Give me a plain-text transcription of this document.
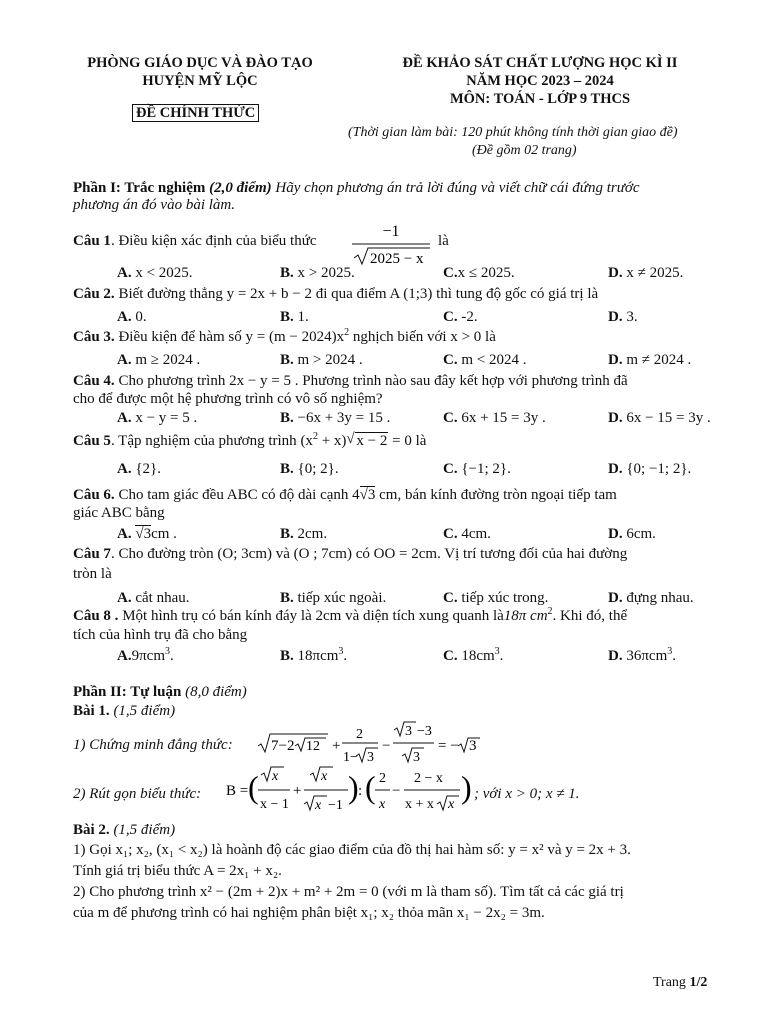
PHÒNG GIÁO DỤC VÀ ĐÀO TẠO
HUYỆN MỸ LỘC
ĐỀ CHÍNH THỨC
ĐỀ KHẢO SÁT CHẤT LƯỢNG HỌC KÌ II
NĂM HỌC 2023 – 2024
MÔN: TOÁN - LỚP 9 THCS
(Thời gian làm bài: 120 phút không tính thời gian giao đề)
(Đề gồm 02 trang)
Phần I: Trắc nghiệm (2,0 điểm) Hãy chọn phương án trả lời đúng và viết chữ cái đứng trước
phương án đó vào bài làm.
Câu 1. Điều kiện xác định của biểu thức
−1
2025 − x
là
A. x < 2025.	B. x > 2025.	C.x ≤ 2025.	D. x ≠ 2025.
Câu 2. Biết đường thẳng y = 2x + b − 2 đi qua điểm A (1;3) thì tung độ gốc có giá trị là
A. 0.	B. 1.	C. -2.	D. 3.
Câu 3. Điều kiện để hàm số $y = (m - 2024)x^2$ nghịch biến với x > 0 là
A. m ≥ 2024 .	B. m > 2024 .	C. m < 2024 .	D. m ≠ 2024 .
Câu 4. Cho phương trình 2x − y = 5 . Phương trình nào sau đây kết hợp với phương trình đã
cho để được một hệ phương trình có vô số nghiệm?
A. x − y = 5 .	B. −6x + 3y = 15 .	C. 6x + 15 = 3y .	D. 6x − 15 = 3y .
Câu 5. Tập nghiệm của phương trình $(x^2 + x)$ √ x − 2 = 0 là
A. {2}.	B. {0; 2}.	C. {−1; 2}.	D. {0; −1; 2}.
Câu 6. Cho tam giác đều ABC có độ dài cạnh 4√3 cm, bán kính đường tròn ngoại tiếp tam
giác ABC bằng
A. √3cm .	B. 2cm.	C. 4cm.	D. 6cm.
Câu 7. Cho đường tròn (O; 3cm) và (O ; 7cm) có OO = 2cm. Vị trí tương đối của hai đường
tròn là
A. cắt nhau.	B. tiếp xúc ngoài.	C. tiếp xúc trong.	D. đựng nhau.
Câu 8 . Một hình trụ có bán kính đáy là 2cm và diện tích xung quanh là18π $cm^2$. Khi đó, thể
tích của hình trụ đã cho bằng
A.9πcm$^3$.	B. 18πcm$^3$.	C. $18cm^3$.	D. 36πcm$^3$.
Phần II: Tự luận (8,0 điểm)
Bài 1. (1,5 điểm)
1) Chứng minh đẳng thức:	7−2 12 +
2
1− 3
−
3 −3
3
= − 3
2) Rút gọn biểu thức: B = ( x
x − 1
+
x
x −1
) : ( 2
x
−
2 − x
x + x x ) ; với x > 0; x ≠ 1.
Bài 2. (1,5 điểm)
1) Gọi x₁; x₂, (x₁ < x₂) là hoành độ các giao điểm của đồ thị hai hàm số: y = x² và y = 2x + 3.
Tính giá trị biểu thức A = 2x₁ + x₂.
2) Cho phương trình x² − (2m + 2)x + m² + 2m = 0 (với m là tham số). Tìm tất cả các giá trị
của m để phương trình có hai nghiệm phân biệt x₁; x₂ thỏa mãn x₁ − 2x₂ = 3m.
Trang 1/2
